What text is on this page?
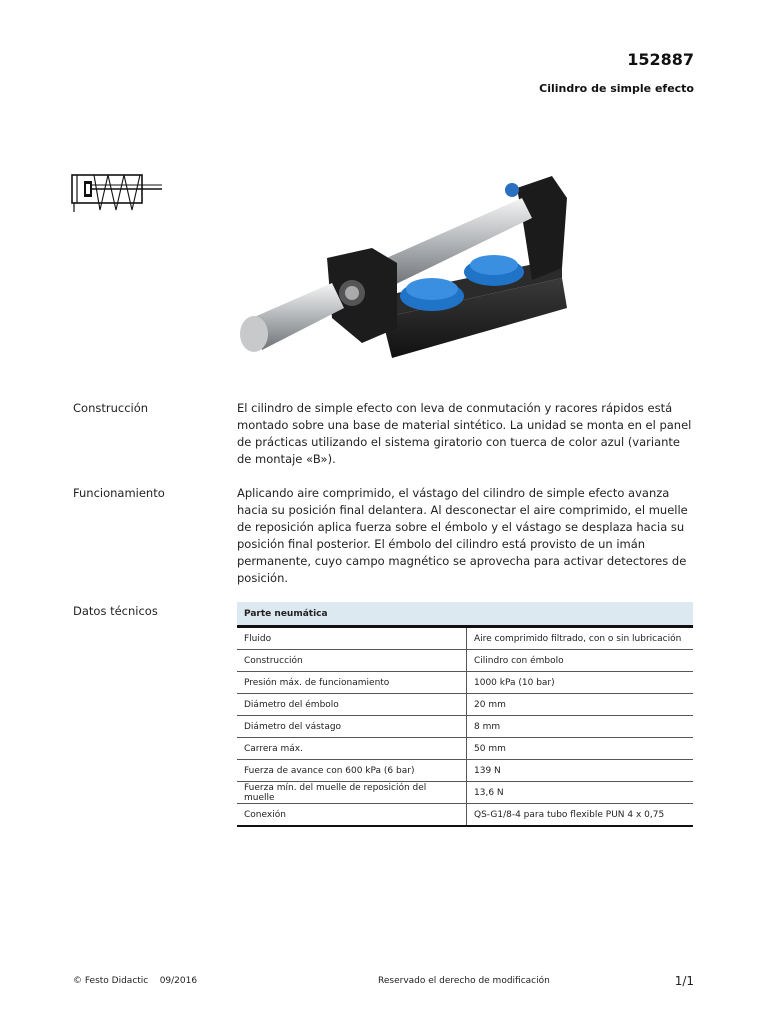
152887
Cilindro de simple efecto
Construcción	El cilindro de simple efecto con leva de conmutación y racores rápidos está montado sobre una base de material sintético. La unidad se monta en el panel de prácticas utilizando el sistema giratorio con tuerca de color azul (variante de montaje «B»).

Funcionamiento	Aplicando aire comprimido, el vástago del cilindro de simple efecto avanza hacia su posición final delantera. Al desconectar el aire comprimido, el muelle de reposición aplica fuerza sobre el émbolo y el vástago se desplaza hacia su posición final posterior. El émbolo del cilindro está provisto de un imán permanente, cuyo campo magnético se aprovecha para activar detectores de posición.

Datos técnicos	Parte neumática	
Fluido	Aire comprimido filtrado, con o sin lubricación
Construcción	Cilindro con émbolo
Presión máx. de funcionamiento	1000 kPa (10 bar)
Diámetro del émbolo	20 mm
Diámetro del vástago	8 mm
Carrera máx.	50 mm
Fuerza de avance con 600 kPa (6 bar)	139 N
Fuerza mín. del muelle de reposición del muelle	13,6 N
Conexión	QS-G1/8-4 para tubo flexible PUN 4 x 0,75
© Festo Didactic    09/2016	Reservado el derecho de modificación	1/1
